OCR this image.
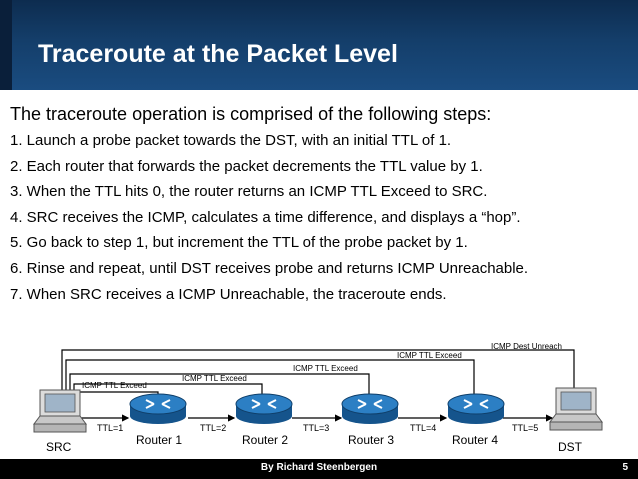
Traceroute at the Packet Level
The traceroute operation is comprised of the following steps:
1. Launch a probe packet towards the DST, with an initial TTL of 1.
2. Each router that forwards the packet decrements the TTL value by 1.
3. When the TTL hits 0, the router returns an ICMP TTL Exceed to SRC.
4. SRC receives the ICMP, calculates a time difference, and displays a “hop”.
5. Go back to step 1, but increment the TTL of the probe packet by 1.
6. Rinse and repeat, until DST receives probe and returns ICMP Unreachable.
7. When SRC receives a ICMP Unreachable, the traceroute ends.
ICMP TTL Exceed
ICMP TTL Exceed
ICMP TTL Exceed
ICMP TTL Exceed
ICMP Dest Unreach
TTL=1	TTL=2	TTL=3	TTL=4	TTL=5
SRC	Router 1	Router 2	Router 3	Router 4	DST
By Richard Steenbergen	5
